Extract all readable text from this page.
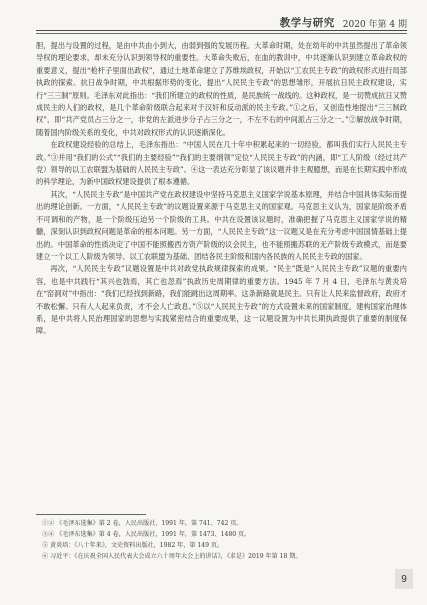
教学与研究 2020 年第 4 期

胆，提出与设置的过程，是由中共由小到大，由弱到强的发展历程。大革命时期，处在幼年的中共虽然提出了革命领导权的理论要求，却未充分认识到领导权的重要性。大革命失败后，在血的教训中，中共逐渐认识到建立革命政权的重要意义，提出“枪杆子里面出政权”，通过土地革命建立了苏维埃政权，开始以“工农民主专政”的政权形式进行局部执政的探索。抗日战争时期，中共根据形势的变化，提出“人民民主专政”的思想雏形，开展抗日民主政权建设，实行“三三制”原则。毛泽东对此指出：“我们所建立的政权的性质，是民族统一战线的。这种政权，是一切赞成抗日又赞成民主的人们的政权，是几个革命阶级联合起来对于汉奸和反动派的民主专政。”①之后，又创造性地提出“三三制政权”，即“共产党员占三分之一，非党的左派进步分子占三分之一，不左不右的中间派占三分之一。”②解放战争时期，随着国内阶级关系的变化，中共对政权形式的认识逐渐深化。

在政权建设经验的总结上，毛泽东指出：“中国人民在几十年中积累起来的一切经验，都叫我们实行人民民主专政。”③并用“我们的公式”“我们的主要经验”“我们的主要纲领”定位“人民民主专政”的内涵，即“工人阶级（经过共产党）领导的以工农联盟为基础的人民民主专政”。④这一表达充分彰显了该议题并非主观臆想，而是在长期实践中形成的科学理论，为新中国政权建设提供了根本遵循。

其次，“人民民主专政”是中国共产党在政权建设中坚持马克思主义国家学说基本原理，并结合中国具体实际而提出的理论创新。一方面，“人民民主专政”的议题设置来源于马克思主义的国家观。马克思主义认为，国家是阶级矛盾不可调和的产物，是一个阶级压迫另一个阶级的工具。中共在设置该议题时，准确把握了马克思主义国家学说的精髓，深刻认识到政权问题是革命的根本问题。另一方面，“人民民主专政”这一议题又是在充分考虑中国国情基础上提出的。中国革命的性质决定了中国不能照搬西方资产阶级的议会民主，也不能照搬苏联的无产阶级专政模式，而是要建立一个以工人阶级为领导、以工农联盟为基础、团结各民主阶级和国内各民族的人民民主专政的国家。

再次，“人民民主专政”议题设置是中共对政党执政规律探索的成果。“民主”既是“人民民主专政”议题的重要内容，也是中共践行“其兴也勃焉，其亡也忽焉”执政历史周期律的重要方法。1945 年 7 月 4 日，毛泽东与黄炎培在“窑洞对”中指出：“我们已经找到新路，我们能跳出这周期率。这条新路就是民主。只有让人民来监督政府，政府才不敢松懈。只有人人起来负责，才不会人亡政息。”⑤以“人民民主专政”的方式设置未来的国家制度，建构国家治理体系，是中共将人民治理国家的思想与实践紧密结合的重要成果，这一议题设置为中共长期执政提供了重要的制度保障。

①② 《毛泽东选集》第 2 卷，人民出版社，1991 年，第 741、742 页。
③④ 《毛泽东选集》第 4 卷，人民出版社，1991 年，第 1473、1480 页。
⑤ 黄炎培：《八十年来》，文史资料出版社，1982 年，第 149 页。
⑥ 习近平：《在庆祝全国人民代表大会成立六十周年大会上的讲话》，《求是》2019 年第 18 期。
9
